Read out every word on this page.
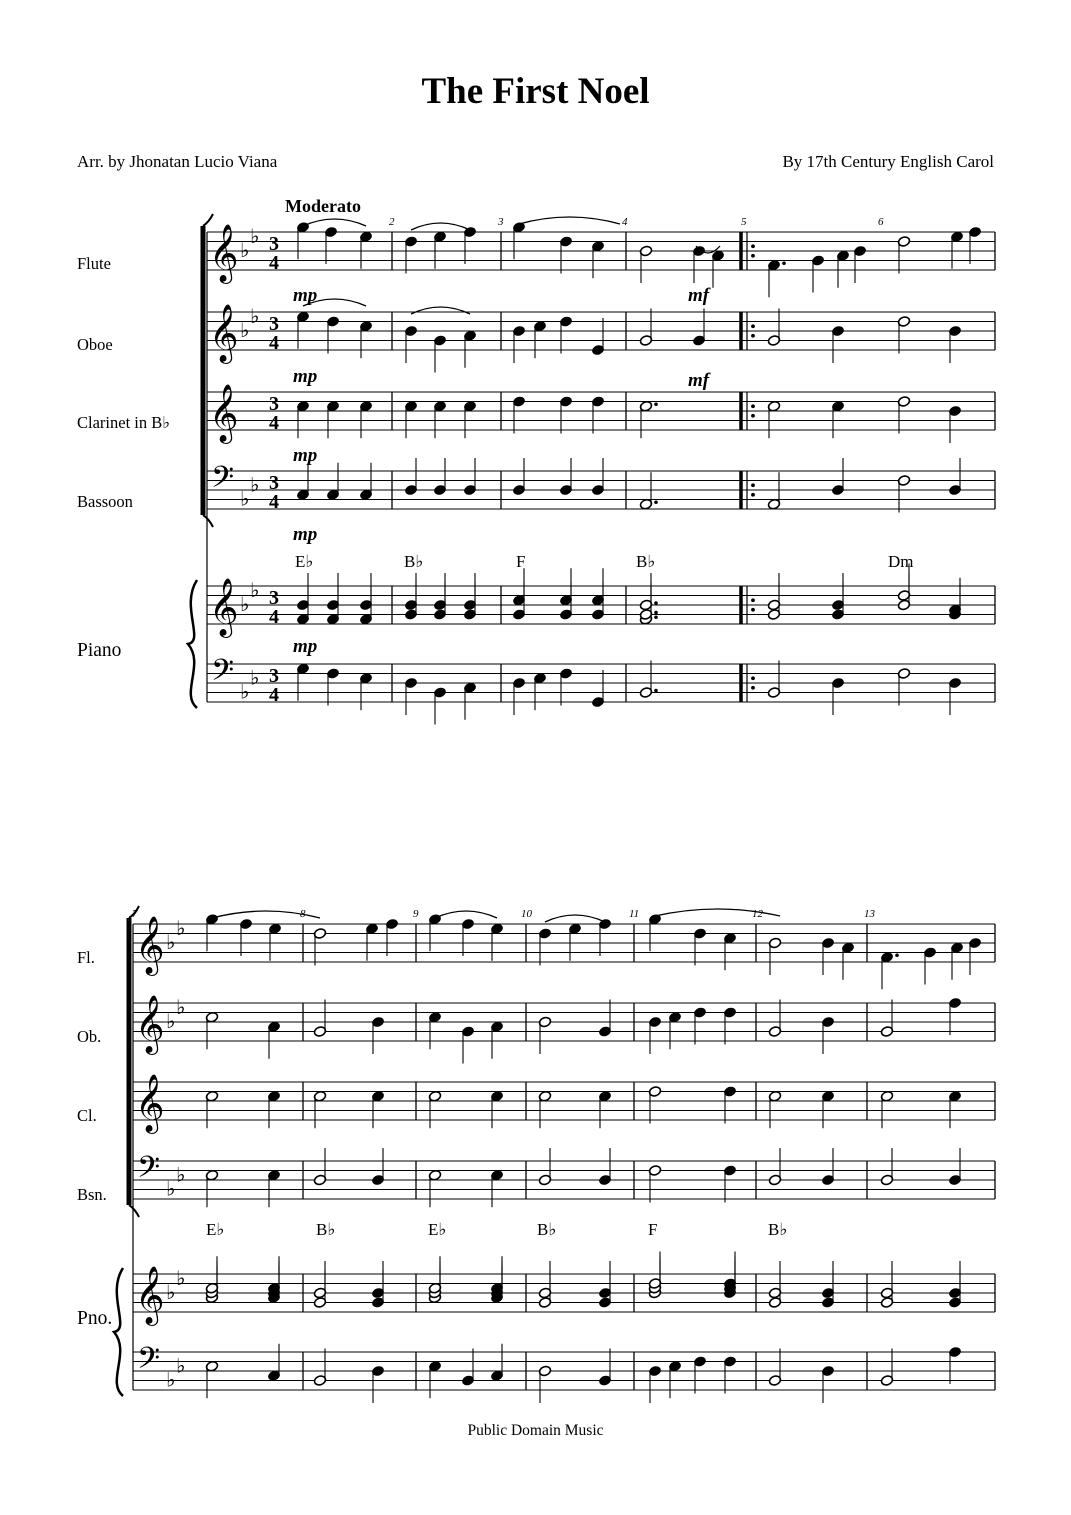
The First Noel
Arr. by Jhonatan Lucio Viana	By 17th Century English Carol
Flute
Oboe
Clarinet in B♭
Bassoon
Piano
Moderato
2	3	4	5	6
mp
mp
mp
mp
mp
mf
mf
E♭	B♭	F	B♭	Dm
Fl.
Ob.
Cl.
Bsn.
Pno.
7	8	9	10	11	12	13
E♭	B♭	E♭	B♭	F	B♭
Public Domain Music
𝄞 ♭
♭ 3
4
𝄞 ♭
♭ 3
4
𝄞 3
4
𝄢 ♭
♭ 3
4
𝄞 ♭
♭ 3
4
𝄢 ♭
♭ 3
4
𝄞 ♭
♭
𝄞 ♭
♭
𝄞
𝄢 ♭
♭
𝄞 ♭
♭
𝄢 ♭
♭
